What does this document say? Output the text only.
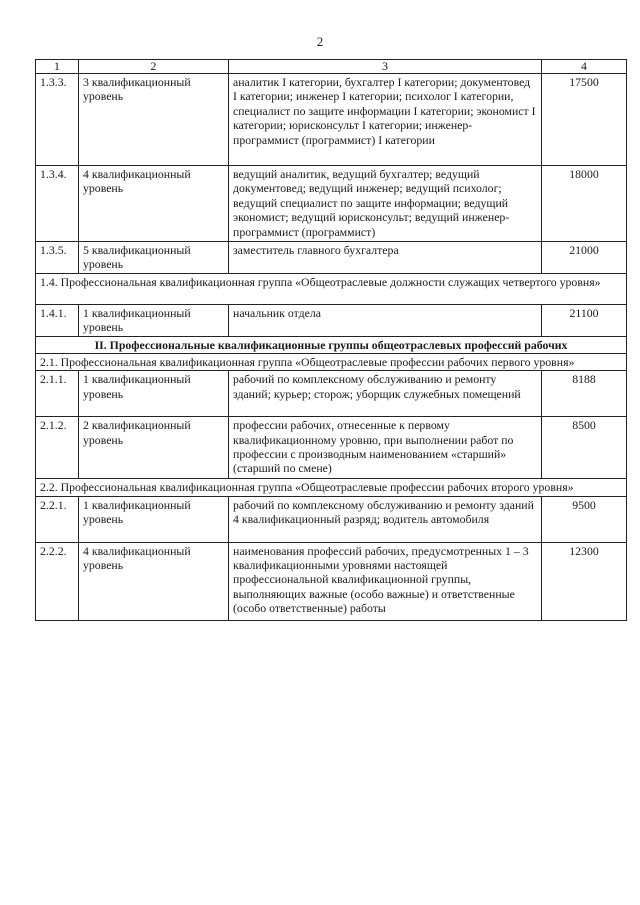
2
1	2	3	4
1.3.3.	3 квалификационный уровень	аналитик I категории, бухгалтер I категории; документовед I категории; инженер I категории; психолог I категории, специалист по защите информации I категории; экономист I категории; юрисконсульт I категории; инженер-программист (программист) I категории	17500
1.3.4.	4 квалификационный уровень	ведущий аналитик, ведущий бухгалтер; ведущий документовед; ведущий инженер; ведущий психолог; ведущий специалист по защите информации; ведущий экономист; ведущий юрисконсульт; ведущий инженер-программист (программист)	18000
1.3.5.	5 квалификационный уровень	заместитель главного бухгалтера	21000
1.4. Профессиональная квалификационная группа «Общеотраслевые должности служащих четвертого уровня»			
1.4.1.	1 квалификационный уровень	начальник отдела	21100
II. Профессиональные квалификационные группы общеотраслевых профессий рабочих			
2.1. Профессиональная квалификационная группа «Общеотраслевые профессии рабочих первого уровня»			
2.1.1.	1 квалификационный уровень	рабочий по комплексному обслуживанию и ремонту зданий; курьер; сторож; уборщик служебных помещений	8188
2.1.2.	2 квалификационный уровень	профессии рабочих, отнесенные к первому квалификационному уровню, при выполнении работ по профессии с производным наименованием «старший» (старший по смене)	8500
2.2. Профессиональная квалификационная группа «Общеотраслевые профессии рабочих второго уровня»			
2.2.1.	1 квалификационный уровень	рабочий по комплексному обслуживанию и ремонту зданий 4 квалификационный разряд; водитель автомобиля	9500
2.2.2.	4 квалификационный уровень	наименования профессий рабочих, предусмотренных 1 – 3 квалификационными уровнями настоящей профессиональной квалификационной группы, выполняющих важные (особо важные) и ответственные (особо ответственные) работы	12300
